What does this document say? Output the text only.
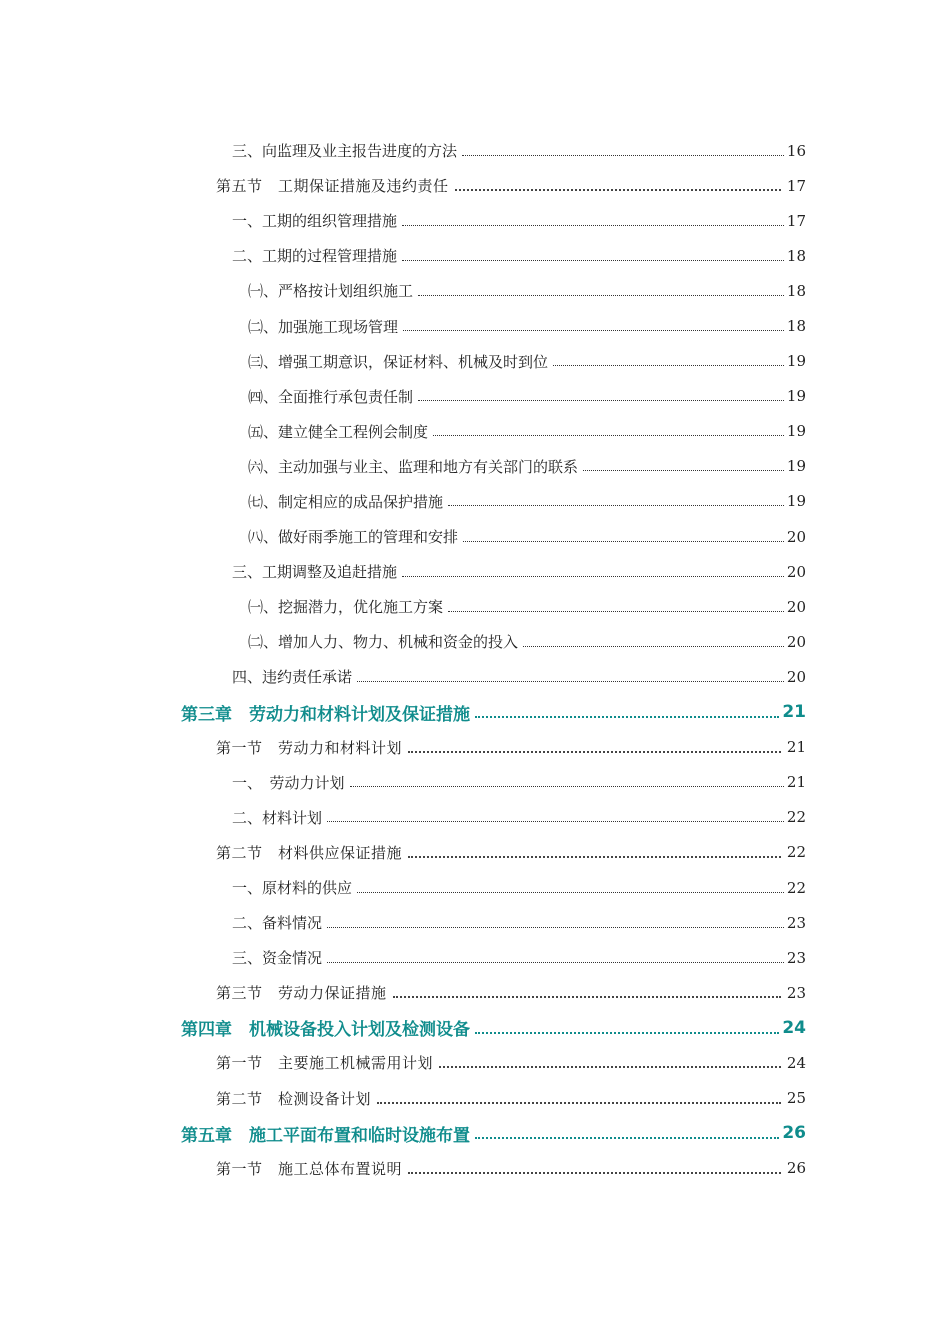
三、向监理及业主报告进度的方法	16
第五节　工期保证措施及违约责任	17
一、工期的组织管理措施	17
二、工期的过程管理措施	18
㈠、严格按计划组织施工	18
㈡、加强施工现场管理	18
㈢、增强工期意识，保证材料、机械及时到位	19
㈣、全面推行承包责任制	19
㈤、建立健全工程例会制度	19
㈥、主动加强与业主、监理和地方有关部门的联系	19
㈦、制定相应的成品保护措施	19
㈧、做好雨季施工的管理和安排	20
三、工期调整及追赶措施	20
㈠、挖掘潜力，优化施工方案	20
㈡、增加人力、物力、机械和资金的投入	20
四、违约责任承诺	20
第三章　劳动力和材料计划及保证措施	21
第一节　劳动力和材料计划	21
一、　劳动力计划	21
二、材料计划	22
第二节　材料供应保证措施	22
一、原材料的供应	22
二、备料情况	23
三、资金情况	23
第三节　劳动力保证措施	23
第四章　机械设备投入计划及检测设备	24
第一节　主要施工机械需用计划	24
第二节　检测设备计划	25
第五章　施工平面布置和临时设施布置	26
第一节　施工总体布置说明	26
